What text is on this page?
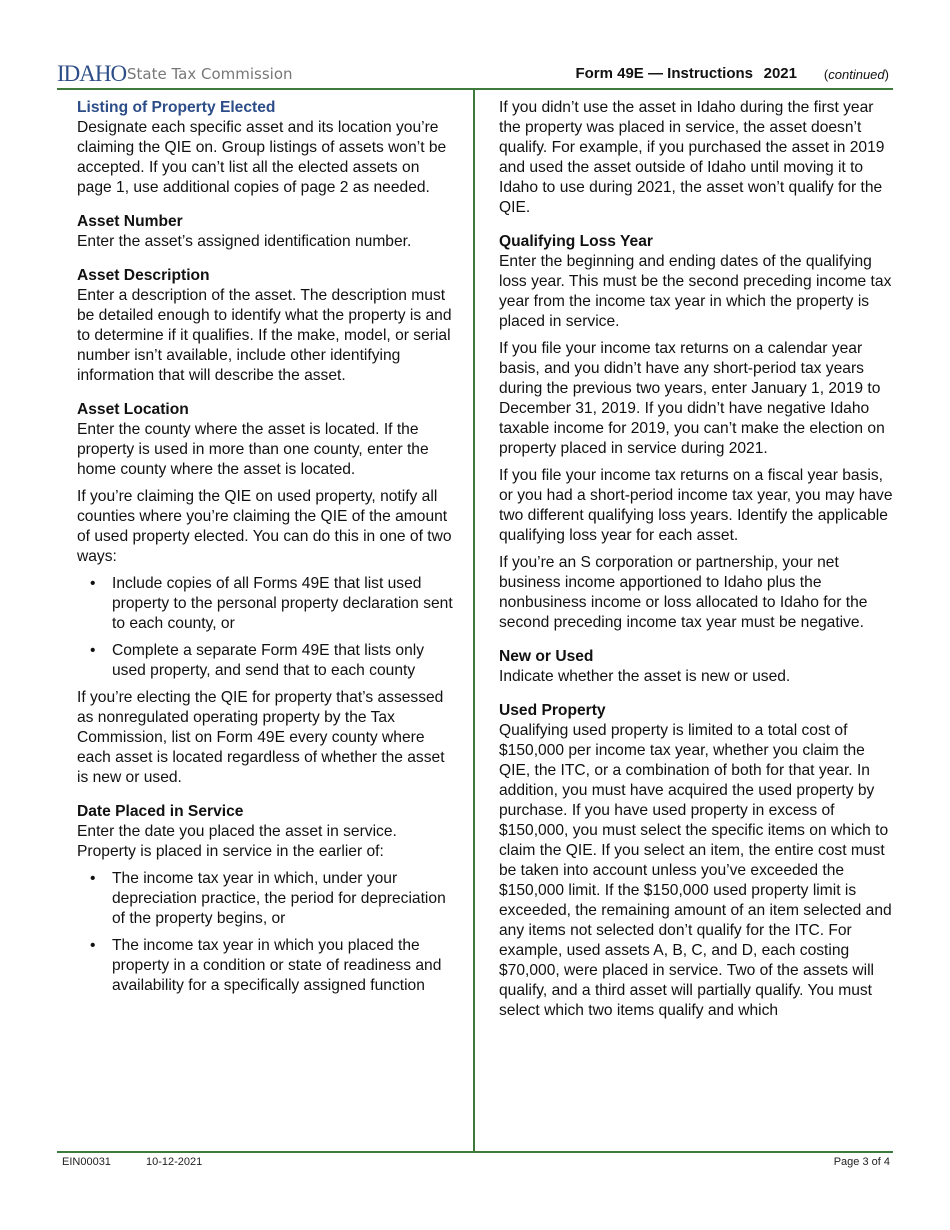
IDAHO State Tax Commission	Form 49E — Instructions 2021 (continued)
Listing of Property Elected

Designate each specific asset and its location you’re claiming the QIE on. Group listings of assets won’t be accepted. If you can’t list all the elected assets on page 1, use additional copies of page 2 as needed.

Asset Number

Enter the asset’s assigned identification number.

Asset Description

Enter a description of the asset. The description must be detailed enough to identify what the property is and to determine if it qualifies. If the make, model, or serial number isn’t available, include other identifying information that will describe the asset.

Asset Location

Enter the county where the asset is located. If the property is used in more than one county, enter the home county where the asset is located.

If you’re claiming the QIE on used property, notify all counties where you’re claiming the QIE of the amount of used property elected. You can do this in one of two ways:

• Include copies of all Forms 49E that list used property to the personal property declaration sent to each county, or
• Complete a separate Form 49E that lists only used property, and send that to each county

If you’re electing the QIE for property that’s assessed as nonregulated operating property by the Tax Commission, list on Form 49E every county where each asset is located regardless of whether the asset is new or used.

Date Placed in Service

Enter the date you placed the asset in service. Property is placed in service in the earlier of:

• The income tax year in which, under your depreciation practice, the period for depreciation of the property begins, or
• The income tax year in which you placed the property in a condition or state of readiness and availability for a specifically assigned function

If you didn’t use the asset in Idaho during the first year the property was placed in service, the asset doesn’t qualify. For example, if you purchased the asset in 2019 and used the asset outside of Idaho until moving it to Idaho to use during 2021, the asset won’t qualify for the QIE.

Qualifying Loss Year

Enter the beginning and ending dates of the qualifying loss year. This must be the second preceding income tax year from the income tax year in which the property is placed in service.

If you file your income tax returns on a calendar year basis, and you didn’t have any short-period tax years during the previous two years, enter January 1, 2019 to December 31, 2019. If you didn’t have negative Idaho taxable income for 2019, you can’t make the election on property placed in service during 2021.

If you file your income tax returns on a fiscal year basis, or you had a short-period income tax year, you may have two different qualifying loss years. Identify the applicable qualifying loss year for each asset.

If you’re an S corporation or partnership, your net business income apportioned to Idaho plus the nonbusiness income or loss allocated to Idaho for the second preceding income tax year must be negative.

New or Used

Indicate whether the asset is new or used.

Used Property

Qualifying used property is limited to a total cost of $150,000 per income tax year, whether you claim the QIE, the ITC, or a combination of both for that year. In addition, you must have acquired the used property by purchase. If you have used property in excess of $150,000, you must select the specific items on which to claim the QIE. If you select an item, the entire cost must be taken into account unless you’ve exceeded the $150,000 limit. If the $150,000 used property limit is exceeded, the remaining amount of an item selected and any items not selected don’t qualify for the ITC. For example, used assets A, B, C, and D, each costing $70,000, were placed in service. Two of the assets will qualify, and a third asset will partially qualify. You must select which two items qualify and which

EIN00031	10-12-2021	Page 3 of 4
